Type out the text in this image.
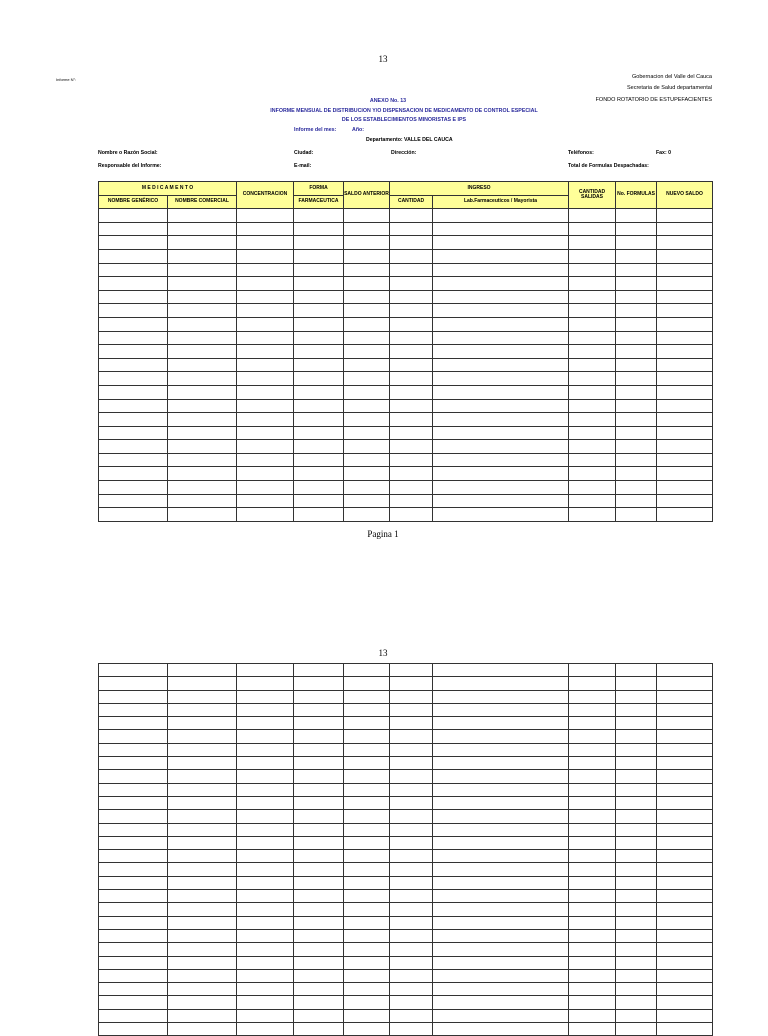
13
Informe N°:	Gobernacion del Valle del Cauca
Secretaria de Salud departamental
FONDO ROTATORIO DE ESTUPEFACIENTES
ANEXO No. 13
INFORME MENSUAL DE DISTRIBUCION Y/O DISPENSACION DE MEDICAMENTO DE CONTROL ESPECIAL
DE LOS ESTABLECIMIENTOS MINORISTAS E IPS
Informe del mes:	Año:
Departamento: VALLE DEL CAUCA
Nombre o Razón Social:	Ciudad:	Dirección:	Teléfonos:	Fax: 0
Responsable del Informe:	E-mail:	Total de Formulas Despachadas:
M E D I C A M E N T O		CONCENTRACION	FORMA	SALDO ANTERIOR	INGRESO		CANTIDAD SALIDAS	No. FORMULAS	NUEVO SALDO
NOMBRE GENÉRICO	NOMBRE COMERCIAL		FARMACEUTICA		CANTIDAD	Lab.Farmaceuticos / Mayorista			

Pagina 1
13
